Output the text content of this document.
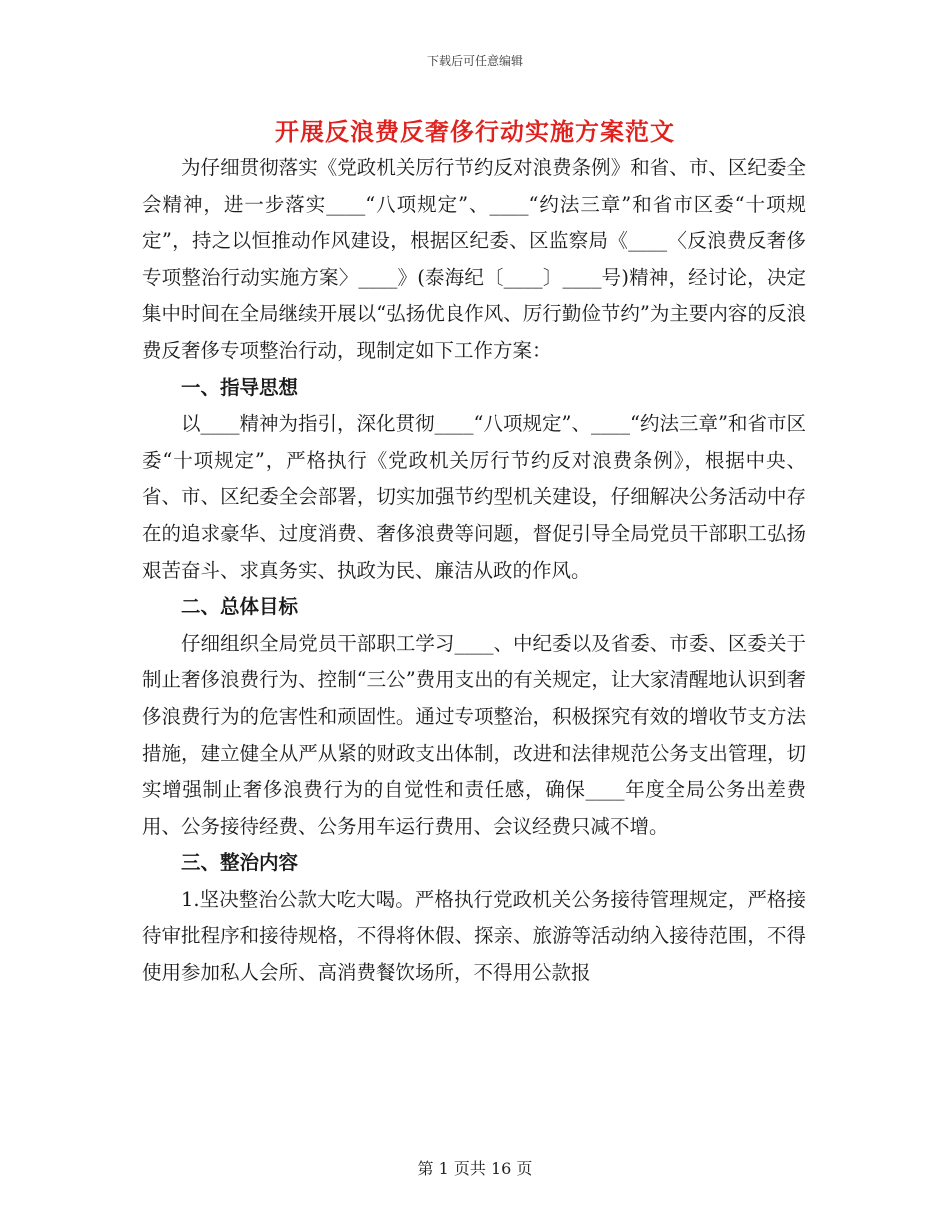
下载后可任意编辑
开展反浪费反奢侈行动实施方案范文

为仔细贯彻落实《党政机关厉行节约反对浪费条例》和省、市、区纪委全会精神，进一步落实____“八项规定”、____“约法三章”和省市区委“十项规定”，持之以恒推动作风建设，根据区纪委、区监察局《____〈反浪费反奢侈专项整治行动实施方案〉____》(泰海纪〔____〕____号)精神，经讨论，决定集中时间在全局继续开展以“弘扬优良作风、厉行勤俭节约”为主要内容的反浪费反奢侈专项整治行动，现制定如下工作方案：

一、指导思想

以____精神为指引，深化贯彻____“八项规定”、____“约法三章”和省市区委“十项规定”，严格执行《党政机关厉行节约反对浪费条例》，根据中央、省、市、区纪委全会部署，切实加强节约型机关建设，仔细解决公务活动中存在的追求豪华、过度消费、奢侈浪费等问题，督促引导全局党员干部职工弘扬艰苦奋斗、求真务实、执政为民、廉洁从政的作风。

二、总体目标

仔细组织全局党员干部职工学习____、中纪委以及省委、市委、区委关于制止奢侈浪费行为、控制“三公”费用支出的有关规定，让大家清醒地认识到奢侈浪费行为的危害性和顽固性。通过专项整治，积极探究有效的增收节支方法措施，建立健全从严从紧的财政支出体制，改进和法律规范公务支出管理，切实增强制止奢侈浪费行为的自觉性和责任感，确保____年度全局公务出差费用、公务接待经费、公务用车运行费用、会议经费只减不增。

三、整治内容

1.坚决整治公款大吃大喝。严格执行党政机关公务接待管理规定，严格接待审批程序和接待规格，不得将休假、探亲、旅游等活动纳入接待范围，不得使用参加私人会所、高消费餐饮场所，不得用公款报

第 1 页共 16 页
